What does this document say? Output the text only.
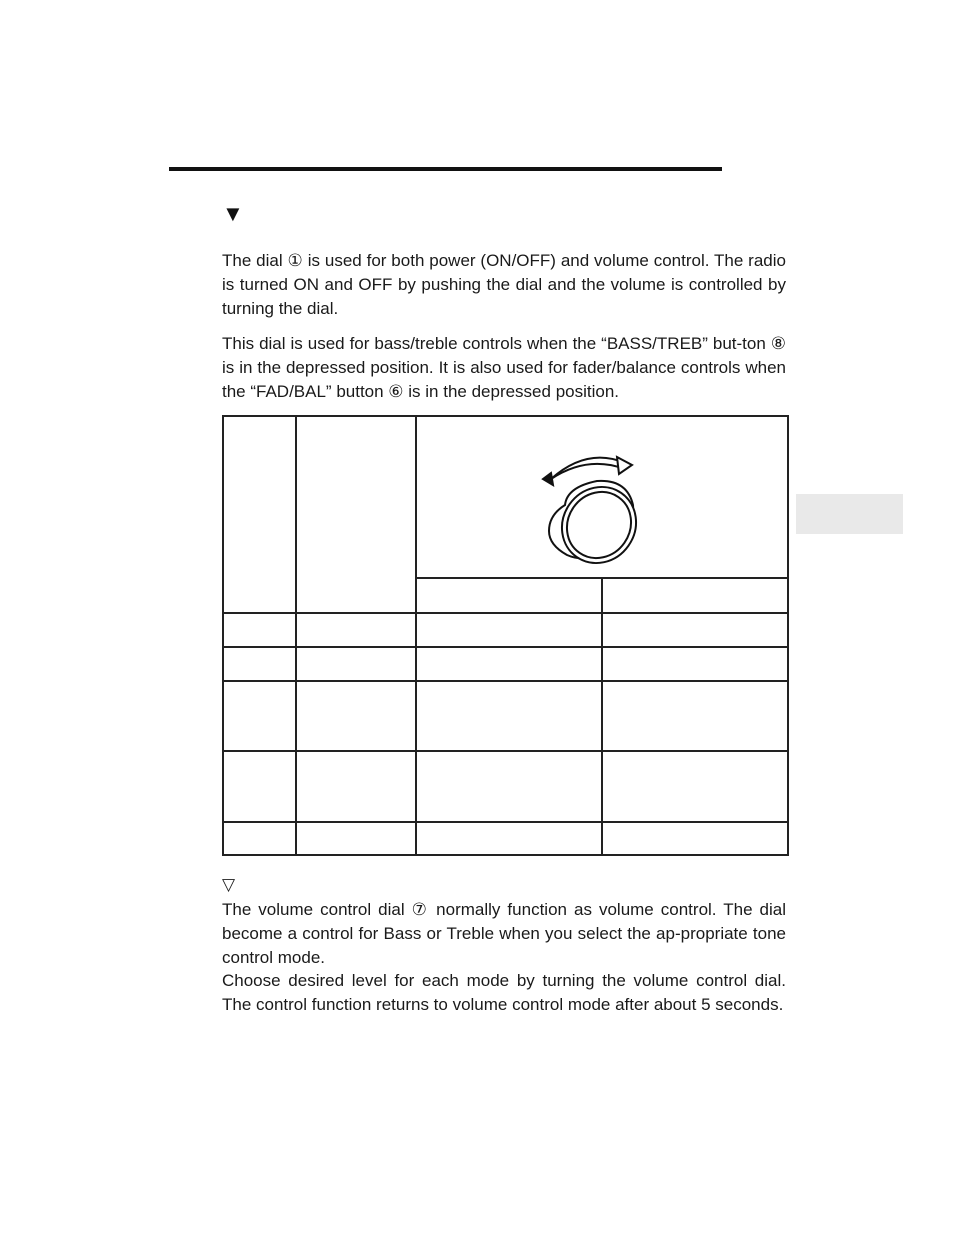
▼

The dial ① is used for both power (ON/OFF) and volume control. The radio is turned ON and OFF by pushing the dial and the volume is controlled by turning the dial.

This dial is used for bass/treble controls when the “BASS/TREB” but-ton ⑧ is in the depressed position. It is also used for fader/balance controls when the “FAD/BAL” button ⑥ is in the depressed position.

▽

The volume control dial ⑦ normally function as volume control. The dial become a control for Bass or Treble when you select the ap-propriate tone control mode.

Choose desired level for each mode by turning the volume control dial. The control function returns to volume control mode after about 5 seconds.
